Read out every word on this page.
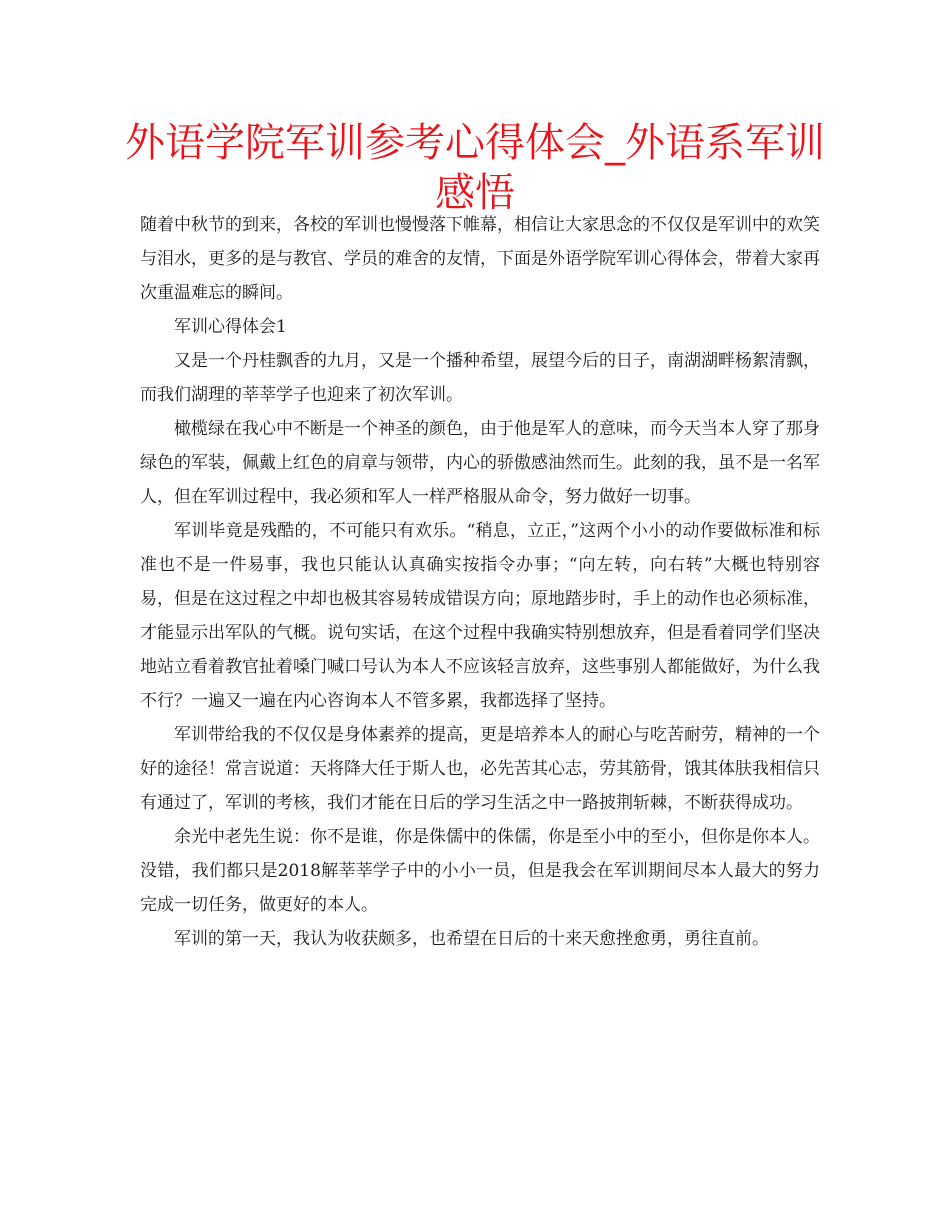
外语学院军训参考心得体会_外语系军训感悟

随着中秋节的到来，各校的军训也慢慢落下帷幕，相信让大家思念的不仅仅是军训中的欢笑与泪水，更多的是与教官、学员的难舍的友情，下面是外语学院军训心得体会，带着大家再次重温难忘的瞬间。

军训心得体会1

又是一个丹桂飘香的九月，又是一个播种希望，展望今后的日子，南湖湖畔杨絮清飘，而我们湖理的莘莘学子也迎来了初次军训。

橄榄绿在我心中不断是一个神圣的颜色，由于他是军人的意味，而今天当本人穿了那身绿色的军装，佩戴上红色的肩章与领带，内心的骄傲感油然而生。此刻的我，虽不是一名军人，但在军训过程中，我必须和军人一样严格服从命令，努力做好一切事。

军训毕竟是残酷的，不可能只有欢乐。“稍息，立正，”这两个小小的动作要做标准和标准也不是一件易事，我也只能认认真确实按指令办事；“向左转，向右转”大概也特别容易，但是在这过程之中却也极其容易转成错误方向；原地踏步时，手上的动作也必须标准，才能显示出军队的气概。说句实话，在这个过程中我确实特别想放弃，但是看着同学们坚决地站立看着教官扯着嗓门喊口号认为本人不应该轻言放弃，这些事别人都能做好，为什么我不行？一遍又一遍在内心咨询本人不管多累，我都选择了坚持。

军训带给我的不仅仅是身体素养的提高，更是培养本人的耐心与吃苦耐劳，精神的一个好的途径！常言说道：天将降大任于斯人也，必先苦其心志，劳其筋骨，饿其体肤我相信只有通过了，军训的考核，我们才能在日后的学习生活之中一路披荆斩棘，不断获得成功。

余光中老先生说：你不是谁，你是侏儒中的侏儒，你是至小中的至小，但你是你本人。没错，我们都只是2018解莘莘学子中的小小一员，但是我会在军训期间尽本人最大的努力完成一切任务，做更好的本人。

军训的第一天，我认为收获颇多，也希望在日后的十来天愈挫愈勇，勇往直前。
